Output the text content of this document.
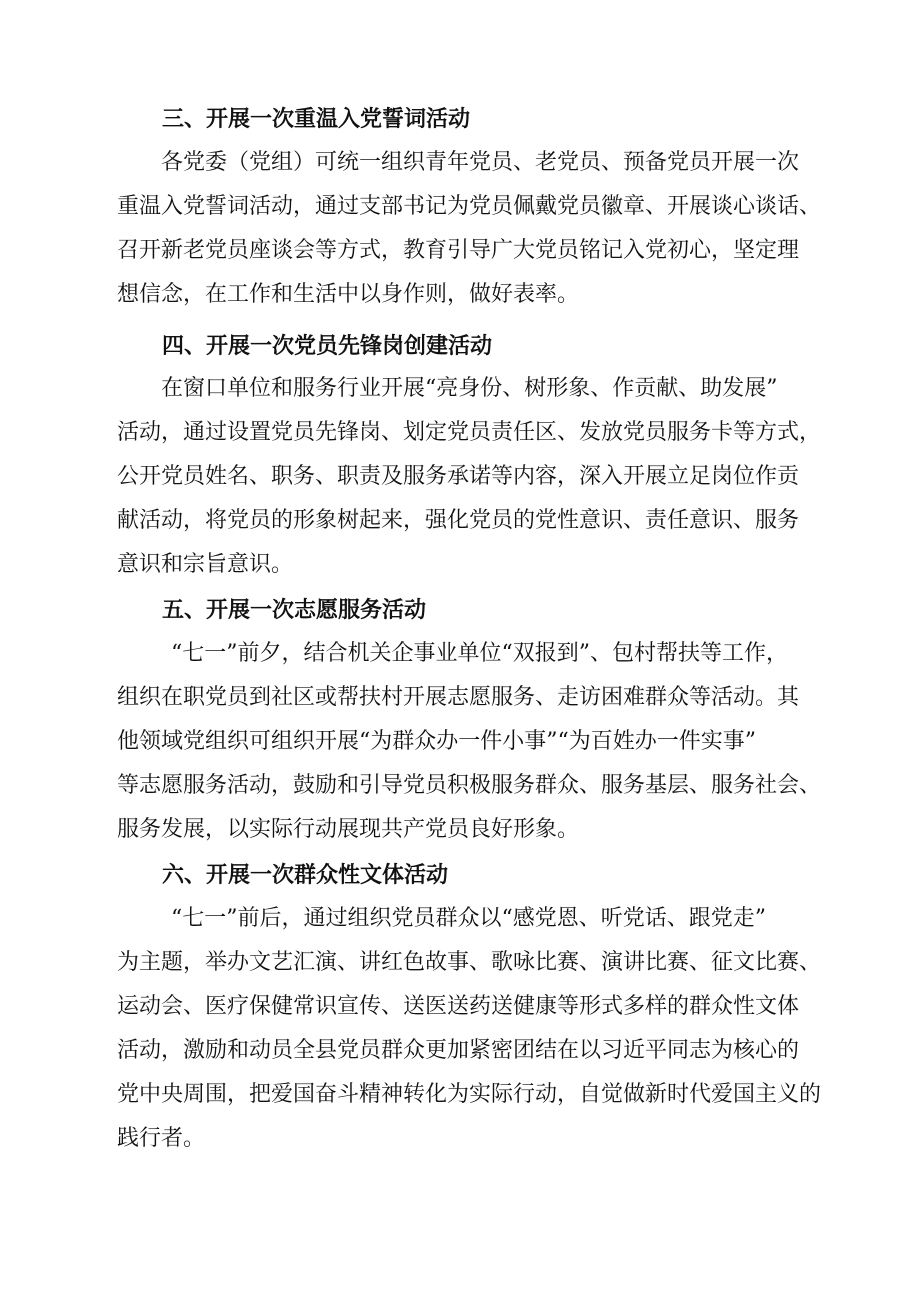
三、开展一次重温入党誓词活动
各党委（党组）可统一组织青年党员、老党员、预备党员开展一次
重温入党誓词活动，通过支部书记为党员佩戴党员徽章、开展谈心谈话、
召开新老党员座谈会等方式，教育引导广大党员铭记入党初心，坚定理
想信念，在工作和生活中以身作则，做好表率。
四、开展一次党员先锋岗创建活动
在窗口单位和服务行业开展“亮身份、树形象、作贡献、助发展”
活动，通过设置党员先锋岗、划定党员责任区、发放党员服务卡等方式，
公开党员姓名、职务、职责及服务承诺等内容，深入开展立足岗位作贡
献活动，将党员的形象树起来，强化党员的党性意识、责任意识、服务
意识和宗旨意识。
五、开展一次志愿服务活动
“七一”前夕，结合机关企事业单位“双报到”、包村帮扶等工作，
组织在职党员到社区或帮扶村开展志愿服务、走访困难群众等活动。其
他领域党组织可组织开展“为群众办一件小事”“为百姓办一件实事”
等志愿服务活动，鼓励和引导党员积极服务群众、服务基层、服务社会、
服务发展，以实际行动展现共产党员良好形象。
六、开展一次群众性文体活动
“七一”前后，通过组织党员群众以“感党恩、听党话、跟党走”
为主题，举办文艺汇演、讲红色故事、歌咏比赛、演讲比赛、征文比赛、
运动会、医疗保健常识宣传、送医送药送健康等形式多样的群众性文体
活动，激励和动员全县党员群众更加紧密团结在以习近平同志为核心的
党中央周围，把爱国奋斗精神转化为实际行动，自觉做新时代爱国主义的
践行者。
